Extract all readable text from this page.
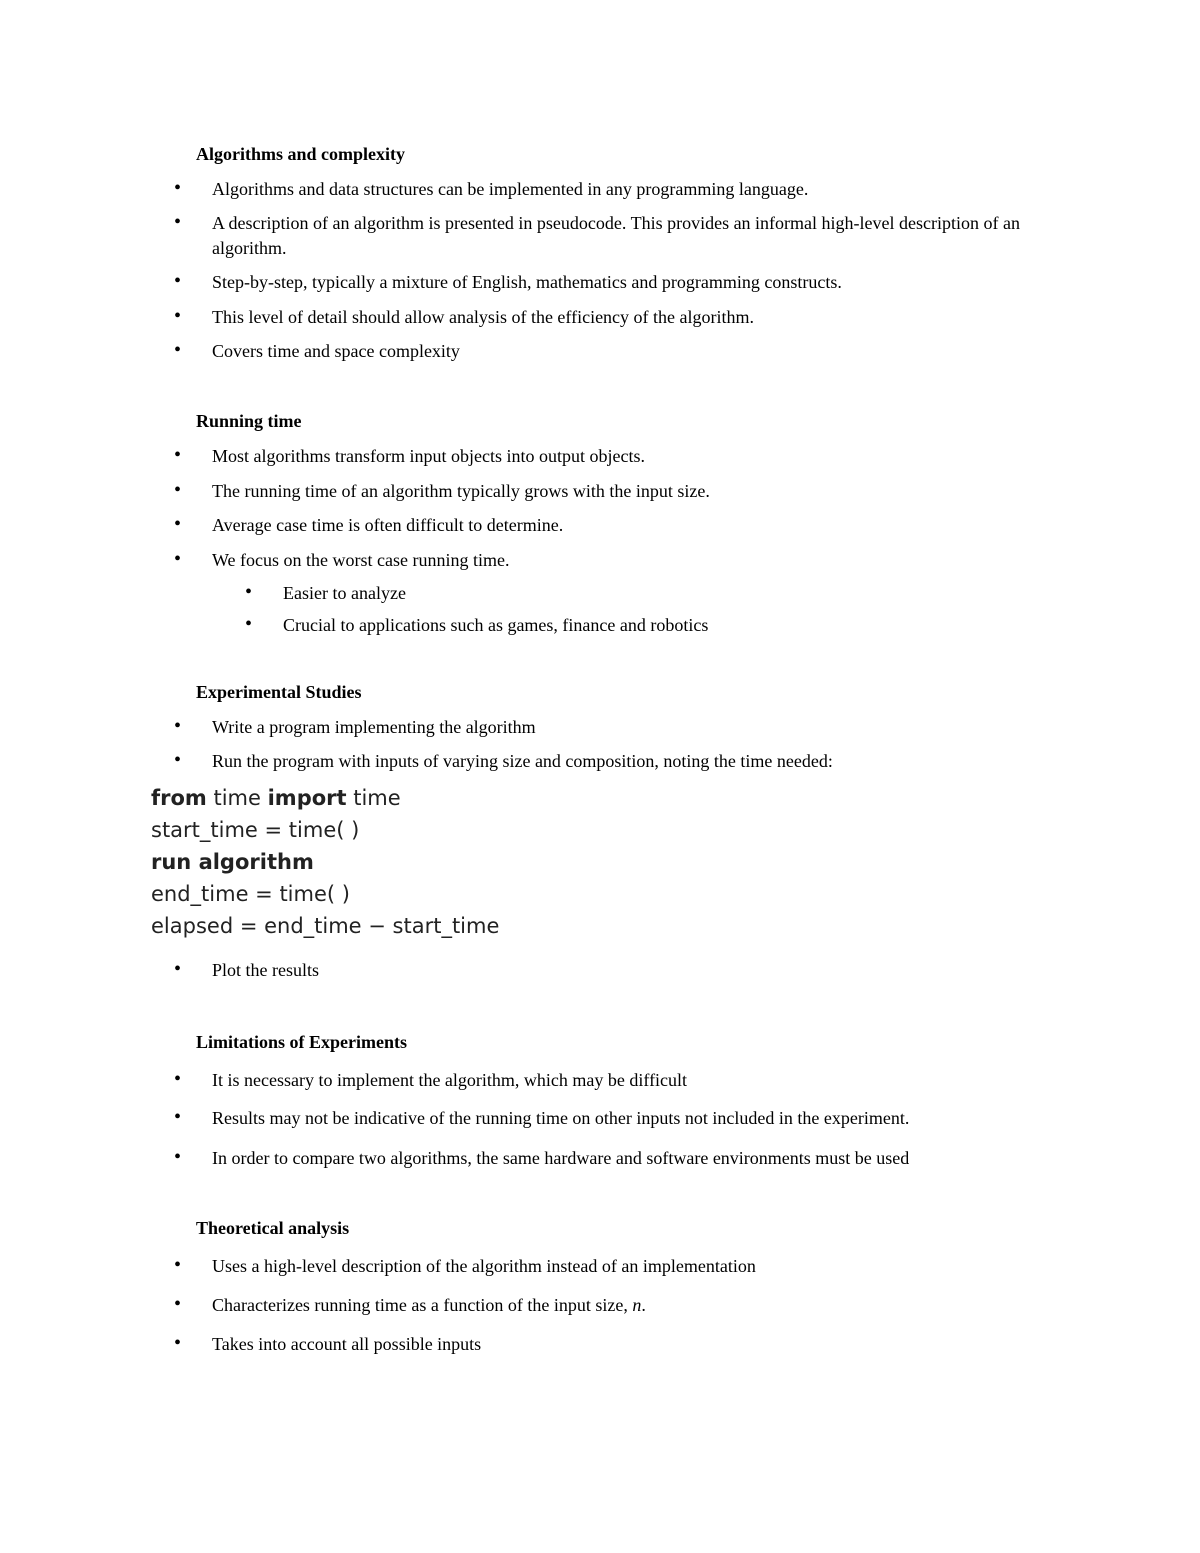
Algorithms and complexity
• Algorithms and data structures can be implemented in any programming language.
• A description of an algorithm is presented in pseudocode. This provides an informal high-level description of an algorithm.
• Step-by-step, typically a mixture of English, mathematics and programming constructs.
• This level of detail should allow analysis of the efficiency of the algorithm.
• Covers time and space complexity
Running time
• Most algorithms transform input objects into output objects.
• The running time of an algorithm typically grows with the input size.
• Average case time is often difficult to determine.
• We focus on the worst case running time.
• Easier to analyze
• Crucial to applications such as games, finance and robotics
Experimental Studies
• Write a program implementing the algorithm
• Run the program with inputs of varying size and composition, noting the time needed:
from time import time
start_time = time( )
run algorithm
end_time = time( )
elapsed = end_time − start_time
• Plot the results
Limitations of Experiments
• It is necessary to implement the algorithm, which may be difficult
• Results may not be indicative of the running time on other inputs not included in the experiment.
• In order to compare two algorithms, the same hardware and software environments must be used
Theoretical analysis
• Uses a high-level description of the algorithm instead of an implementation
• Characterizes running time as a function of the input size, n.
• Takes into account all possible inputs
